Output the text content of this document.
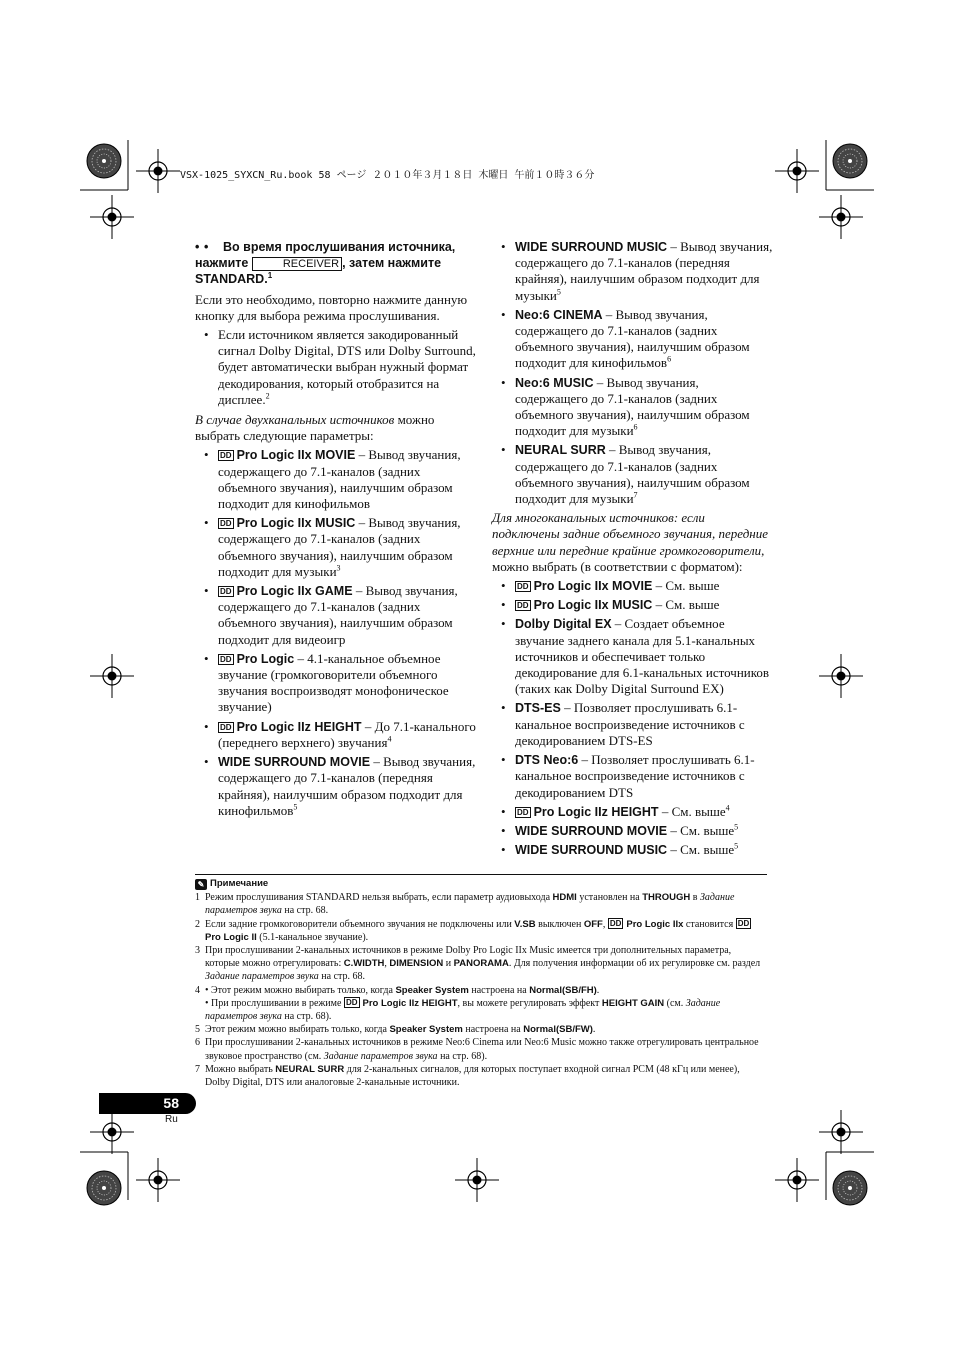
VSX-1025_SYXCN_Ru.book 58 ページ ２０１０年３月１８日 木曜日 午前１０時３６分
• •	Во время прослушивания источника, нажмите	RECEIVER , затем нажмите STANDARD.$^1$

Если это необходимо, повторно нажмите данную кнопку для выбора режима прослушивания.

• Если источником является закодированный сигнал Dolby Digital, DTS или Dolby Surround, будет автоматически выбран нужный формат декодирования, который отобразится на дисплее.$^2$

В случае двухканальных источников можно выбрать следующие параметры:

• DD Pro Logic IIx MOVIE – Вывод звучания, содержащего до 7.1-каналов (задних объемного звучания), наилучшим образом подходит для кинофильмов
• DD Pro Logic IIx MUSIC – Вывод звучания, содержащего до 7.1-каналов (задних объемного звучания), наилучшим образом подходит для музыки$^3$
• DD Pro Logic IIx GAME – Вывод звучания, содержащего до 7.1-каналов (задних объемного звучания), наилучшим образом подходит для видеоигр
• DD Pro Logic – 4.1-канальное объемное звучание (громкоговорители объемного звучания воспроизводят монофоническое звучание)
• DD Pro Logic IIz HEIGHT – До 7.1-канального (переднего верхнего) звучания$^4$
• WIDE SURROUND MOVIE – Вывод звучания, содержащего до 7.1-каналов (передняя крайняя), наилучшим образом подходит для кинофильмов$^5$
• WIDE SURROUND MUSIC – Вывод звучания, содержащего до 7.1-каналов (передняя крайняя), наилучшим образом подходит для музыки$^5$
• Neo:6 CINEMA – Вывод звучания, содержащего до 7.1-каналов (задних объемного звучания), наилучшим образом подходит для кинофильмов$^6$
• Neo:6 MUSIC – Вывод звучания, содержащего до 7.1-каналов (задних объемного звучания), наилучшим образом подходит для музыки$^6$
• NEURAL SURR – Вывод звучания, содержащего до 7.1-каналов (задних объемного звучания), наилучшим образом подходит для музыки$^7$

Для многоканальных источников: если подключены задние объемного звучания, передние верхние или передние крайние громкоговорители, можно выбрать (в соответствии с форматом):

• DD Pro Logic IIx MOVIE – См. выше
• DD Pro Logic IIx MUSIC – См. выше
• Dolby Digital EX – Создает объемное звучание заднего канала для 5.1-канальных источников и обеспечивает только декодирование для 6.1-канальных источников (таких как Dolby Digital Surround EX)
• DTS-ES – Позволяет прослушивать 6.1-канальное воспроизведение источников с декодированием DTS-ES
• DTS Neo:6 – Позволяет прослушивать 6.1-канальное воспроизведение источников с декодированием DTS
• DD Pro Logic IIz HEIGHT – См. выше$^4$
• WIDE SURROUND MOVIE – См. выше$^5$
• WIDE SURROUND MUSIC – См. выше$^5$
✎ Примечание
1 Режим прослушивания STANDARD нельзя выбрать, если параметр аудиовыхода HDMI установлен на THROUGH в Задание параметров звука на стр. 68.
2 Если задние громкоговорители объемного звучания не подключены или V.SB выключен OFF, DD Pro Logic IIx становится DDPro Logic II (5.1-канальное звучание).
3 При прослушивании 2-канальных источников в режиме Dolby Pro Logic IIx Music имеется три дополнительных параметра, которые можно отрегулировать: C.WIDTH, DIMENSION и PANORAMA. Для получения информации об их регулировке см. раздел Задание параметров звука на стр. 68.
4 • Этот режим можно выбирать только, когда Speaker System настроена на Normal(SB/FH).
• При прослушивании в режиме DD Pro Logic IIz HEIGHT, вы можете регулировать эффект HEIGHT GAIN (см. Задание параметров звука на стр. 68).
5 Этот режим можно выбирать только, когда Speaker System настроена на Normal(SB/FW).
6 При прослушивании 2-канальных источников в режиме Neo:6 Cinema или Neo:6 Music можно также отрегулировать центральное звуковое пространство (см. Задание параметров звука на стр. 68).
7 Можно выбрать NEURAL SURR для 2-канальных сигналов, для которых поступает входной сигнал PCM (48 кГц или менее), Dolby Digital, DTS или аналоговые 2-канальные источники.
58
Ru
